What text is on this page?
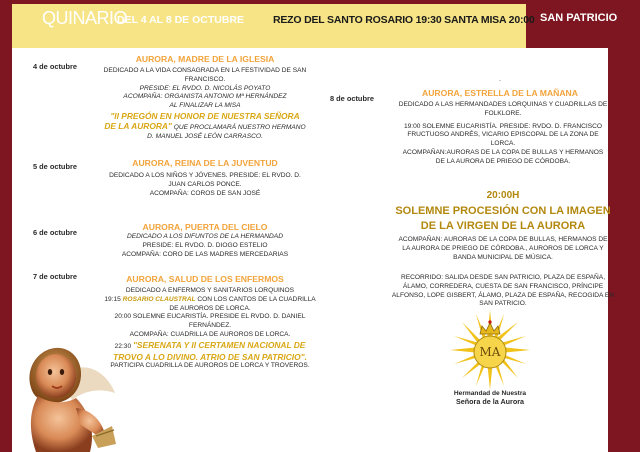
QUINARIO
DEL 4 AL 8 DE OCTUBRE	REZO DEL SANTO ROSARIO 19:30 SANTA MISA 20:00 SAN PATRICIO
4 de octubre
AURORA, MADRE DE LA IGLESIA
DEDICADO A LA VIDA CONSAGRADA EN LA FESTIVIDAD DE SAN
FRANCISCO.
PRESIDE: EL RVDO. D. NICOLÁS POYATO
ACOMPAÑA: ORGANISTA ANTONIO Mª HERNÁNDEZ
AL FINALIZAR LA MISA
"II PREGÓN EN HONOR DE NUESTRA SEÑORA
DE LA AURORA" QUE PROCLAMARÁ NUESTRO HERMANO
D. MANUEL JOSÉ LEÓN CARRASCO.
5 de octubre	AURORA, REINA DE LA JUVENTUD
DEDICADO A LOS NIÑOS Y JÓVENES. PRESIDE: EL RVDO. D.
JUAN CARLOS PONCE.
ACOMPAÑA: COROS DE SAN JOSÉ
6 de octubre
AURORA, PUERTA DEL CIELO
DEDICADO A LOS DIFUNTOS DE LA HERMANDAD
PRESIDE: EL RVDO. D. DIOGO ESTELIO
ACOMPAÑA: CORO DE LAS MADRES MERCEDARIAS
7 de octubre	AURORA, SALUD DE LOS ENFERMOS
DEDICADO A ENFERMOS Y SANITARIOS LORQUINOS
19:15 ROSARIO CLAUSTRAL CON LOS CANTOS DE LA CUADRILLA
DE AUROROS DE LORCA.
20:00 SOLEMNE EUCARISTÍA. PRESIDE EL RVDO. D. DANIEL
FERNÁNDEZ.
ACOMPAÑA: CUADRILLA DE AUROROS DE LORCA.
22:30 "SERENATA Y II CERTAMEN NACIONAL DE
TROVO A LO DIVINO. ATRIO DE SAN PATRICIO".
PARTICIPA CUADRILLA DE AUROROS DE LORCA Y TROVEROS.
.
8 de octubre
AURORA, ESTRELLA DE LA MAÑANA
DEDICADO A LAS HERMANDADES LORQUINAS Y CUADRILLAS DE
FOLKLORE.
19:00 SOLEMNE EUCARISTÍA. PRESIDE: RVDO. D. FRANCISCO
FRUCTUOSO ANDRÉS, VICARIO EPISCOPAL DE LA ZONA DE
LORCA.
ACOMPAÑAN:AURORAS DE LA COPA DE BULLAS Y HERMANOS
DE LA AURORA DE PRIEGO DE CÓRDOBA.
20:00H
SOLEMNE PROCESIÓN CON LA IMAGEN
DE LA VIRGEN DE LA AURORA
ACOMPAÑAN: AURORAS DE LA COPA DE BULLAS, HERMANOS DE
LA AURORA DE PRIEGO DE CÓRDOBA., AUROROS DE LORCA Y
BANDA MUNICIPAL DE MÚSICA.
RECORRIDO: SALIDA DESDE SAN PATRICIO, PLAZA DE ESPAÑA,
ÁLAMO, CORREDERA, CUESTA DE SAN FRANCISCO, PRÍNCIPE
ALFONSO, LOPE GISBERT, ÁLAMO, PLAZA DE ESPAÑA, RECOGIDA EN
SAN PATRICIO.
MA
Hermandad de Nuestra
Señora de la Aurora
